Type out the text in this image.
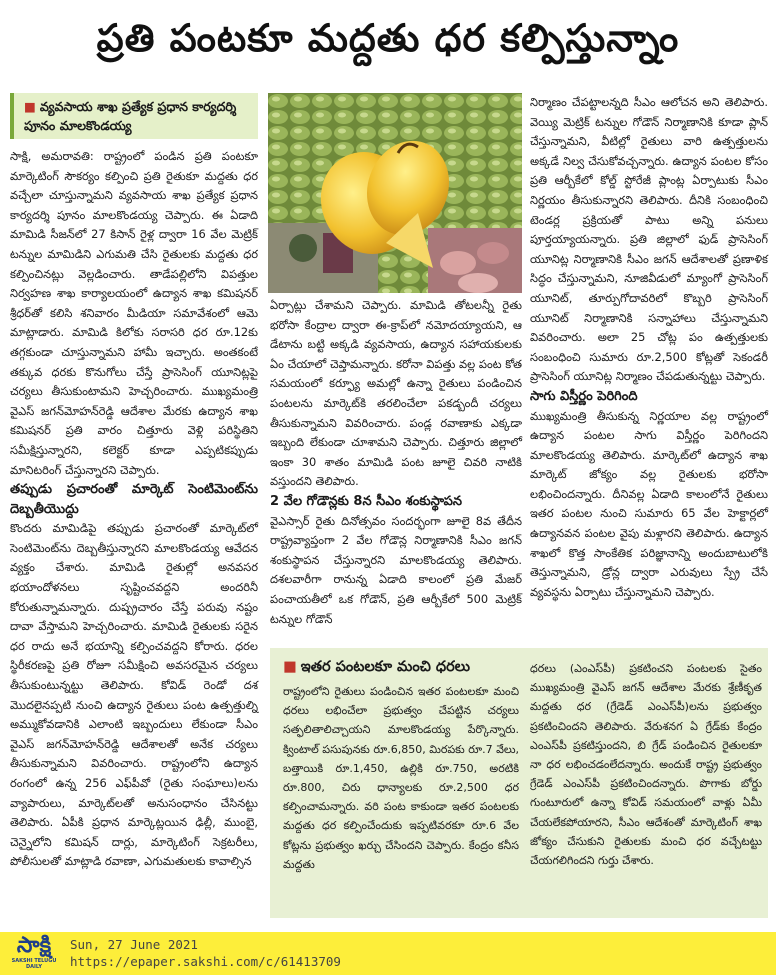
ప్రతి పంటకూ మద్దతు ధర కల్పిస్తున్నాం
■ వ్యవసాయ శాఖ ప్రత్యేక ప్రధాన కార్యదర్శి పూనం మాలకొండయ్య

సాక్షి, అమరావతి: రాష్ట్రంలో పండిన ప్రతి పంటకూ మార్కెటింగ్ సౌకర్యం కల్పించి ప్రతి రైతుకూ మద్దతు ధర వచ్చేలా చూస్తున్నామని వ్యవసాయ శాఖ ప్రత్యేక ప్రధాన కార్యదర్శి పూనం మాలకొండయ్య చెప్పారు. ఈ ఏడాది మామిడి సీజన్‌లో 27 కిసాన్ రైళ్ల ద్వారా 16 వేల మెట్రిక్ టన్నుల మామిడిని ఎగుమతి చేసి రైతులకు మద్దతు ధర కల్పించినట్లు వెల్లడించారు. తాడేపల్లిలోని విపత్తుల నిర్వహణ శాఖ కార్యాలయంలో ఉద్యాన శాఖ కమిషనర్ శ్రీధర్‌తో కలిసి శనివారం మీడియా సమావేశంలో ఆమె మాట్లాడారు. మామిడి కిలోకు సరాసరి ధర రూ.12కు తగ్గకుండా చూస్తున్నామని హామీ ఇచ్చారు. అంతకంటే తక్కువ ధరకు కొనుగోలు చేస్తే ప్రాసెసింగ్ యూనిట్లపై చర్యలు తీసుకుంటామని హెచ్చరించారు. ముఖ్యమంత్రి వైఎస్ జగన్‌మోహన్‌రెడ్డి ఆదేశాల మేరకు ఉద్యాన శాఖ కమిషనర్ ప్రతి వారం చిత్తూరు వెళ్లి పరిస్థితిని సమీక్షిస్తున్నారని, కలెక్టర్ కూడా ఎప్పటికప్పుడు మానిటరింగ్ చేస్తున్నారని చెప్పారు.

తప్పుడు ప్రచారంతో మార్కెట్ సెంటిమెంట్‌ను దెబ్బతీయొద్దు

కొందరు మామిడిపై తప్పుడు ప్రచారంతో మార్కెట్‌లో సెంటిమెంట్‌ను దెబ్బతీస్తున్నారని మాలకొండయ్య ఆవేదన వ్యక్తం చేశారు. మామిడి రైతుల్లో అనవసర భయాందోళనలు సృష్టించవద్దని అందరినీ కోరుతున్నామన్నారు. దుష్ప్రచారం చేస్తే పరువు నష్టం దావా వేస్తామని హెచ్చరించారు. మామిడి రైతులకు సరైన ధర రాదు అనే భయాన్ని కల్పించవద్దని కోరారు. ధరల స్థిరీకరణపై ప్రతి రోజూ సమీక్షించి అవసరమైన చర్యలు తీసుకుంటున్నట్టు తెలిపారు. కోవిడ్ రెండో దశ మొదలైనప్పటి నుంచి ఉద్యాన రైతులు పంట ఉత్పత్తుల్ని అమ్ముకోవడానికి ఎలాంటి ఇబ్బందులు లేకుండా సీఎం వైఎస్ జగన్‌మోహన్‌రెడ్డి ఆదేశాలతో అనేక చర్యలు తీసుకున్నామని వివరించారు. రాష్ట్రంలోని ఉద్యాన రంగంలో ఉన్న 256 ఎఫ్‌పీవో (రైతు సంఘాలు)లను వ్యాపారులు, మార్కెట్‌లతో అనుసంధానం చేసినట్టు తెలిపారు. ఏపీకి ప్రధాన మార్కెట్లయిన ఢిల్లీ, ముంబై, చెన్నైలోని కమిషన్ దార్లు, మార్కెటింగ్ సెక్రటరీలు, పోలీసులతో మాట్లాడి రవాణా, ఎగుమతులకు కావాల్సిన

ఏర్పాట్లు చేశామని చెప్పారు. మామిడి తోటలన్నీ రైతు భరోసా కేంద్రాల ద్వారా ఈ-క్రాప్‌లో నమోదయ్యాయని, ఆ డేటాను బట్టి అక్కడి వ్యవసాయ, ఉద్యాన సహాయకులకు ఏం చేయాలో చెప్తామన్నారు. కరోనా విపత్తు వల్ల పంట కోత సమయంలో కర్ఫ్యూ అమల్లో ఉన్నా రైతులు పండించిన పంటలను మార్కెట్‌కి తరలించేలా పకడ్బందీ చర్యలు తీసుకున్నామని వివరించారు. పండ్ల రవాణాకు ఎక్కడా ఇబ్బంది లేకుండా చూశామని చెప్పారు. చిత్తూరు జిల్లాలో ఇంకా 30 శాతం మామిడి పంట జూలై చివరి నాటికి వస్తుందని తెలిపారు.

2 వేల గోడౌన్లకు 8న సీఎం శంకుస్థాపన

వైఎస్సార్ రైతు దినోత్సవం సందర్భంగా జూలై 8వ తేదీన రాష్ట్రవ్యాప్తంగా 2 వేల గోడౌన్ల నిర్మాణానికి సీఎం జగన్ శంకుస్థాపన చేస్తున్నారని మాలకొండయ్య తెలిపారు. దశలవారీగా రానున్న ఏడాది కాలంలో ప్రతి మేజర్ పంచాయతీలో ఒక గోడౌన్, ప్రతి ఆర్బీకేలో 500 మెట్రిక్ టన్నుల గోడౌన్

నిర్మాణం చేపట్టాలన్నది సీఎం ఆలోచన అని తెలిపారు. వెయ్యి మెట్రిక్ టన్నుల గోడౌన్ నిర్మాణానికి కూడా ప్లాన్ చేస్తున్నామని, వీటిల్లో రైతులు వారి ఉత్పత్తులను అక్కడే నిల్వ చేసుకోవచ్చన్నారు. ఉద్యాన పంటల కోసం ప్రతి ఆర్బీకేలో కోల్డ్ స్టోరేజీ ప్లాంట్ల ఏర్పాటుకు సీఎం నిర్ణయం తీసుకున్నారని తెలిపారు. దీనికి సంబంధించి టెండర్ల ప్రక్రియతో పాటు అన్ని పనులు పూర్తయ్యాయన్నారు. ప్రతి జిల్లాలో ఫుడ్ ప్రాసెసింగ్ యూనిట్ల నిర్మాణానికి సీఎం జగన్ ఆదేశాలతో ప్రణాళిక సిద్ధం చేస్తున్నామని, నూజివీడులో మ్యాంగో ప్రాసెసింగ్ యూనిట్, తూర్పుగోదావరిలో కొబ్బరి ప్రాసెసింగ్ యూనిట్ నిర్మాణానికి సన్నాహాలు చేస్తున్నామని వివరించారు. అలా 25 చోట్ల పం ఉత్పత్తులకు సంబంధించి సుమారు రూ.2,500 కోట్లతో సెకండరీ ప్రాసెసింగ్ యూనిట్ల నిర్మాణం చేపడుతున్నట్టు చెప్పారు.

సాగు విస్తీర్ణం పెరిగింది

ముఖ్యమంత్రి తీసుకున్న నిర్ణయాల వల్ల రాష్ట్రంలో ఉద్యాన పంటల సాగు విస్తీర్ణం పెరిగిందని మాలకొండయ్య తెలిపారు. మార్కెట్‌లో ఉద్యాన శాఖ మార్కెట్ జోక్యం వల్ల రైతులకు భరోసా లభించిందన్నారు. దీనివల్ల ఏడాది కాలంలోనే రైతులు ఇతర పంటల నుంచి సుమారు 65 వేల హెక్టార్లలో ఉద్యానవన పంటల వైపు మళ్లారని తెలిపారు. ఉద్యాన శాఖలో కొత్త సాంకేతిక పరిజ్ఞానాన్ని అందుబాటులోకి తెస్తున్నామని, డ్రోన్ల ద్వారా ఎరువులు స్ప్రే చేసే వ్యవస్థను ఏర్పాటు చేస్తున్నామని చెప్పారు.

■ ఇతర పంటలకూ మంచి ధరలు
రాష్ట్రంలోని రైతులు పండించిన ఇతర పంటలకూ మంచి ధరలు లభించేలా ప్రభుత్వం చేపట్టిన చర్యలు సత్ఫలితాలిచ్చాయని మాలకొండయ్య పేర్కొన్నారు. క్వింటాల్ పసుపునకు రూ.6,850, మిరపకు రూ.7 వేలు, బత్తాయికి రూ.1,450, ఉల్లికి రూ.750, అరటికి రూ.800, చిరు ధాన్యాలకు రూ.2,500 ధర కల్పించామన్నారు. వరి పంట కాకుండా ఇతర పంటలకు మద్దతు ధర కల్పించేందుకు ఇప్పటివరకూ రూ.6 వేల కోట్లను ప్రభుత్వం ఖర్చు చేసిందని చెప్పారు. కేంద్రం కనీస మద్దతు
ధరలు (ఎంఎస్‌పీ) ప్రకటించని పంటలకు సైతం ముఖ్యమంత్రి వైఎస్ జగన్ ఆదేశాల మేరకు శ్రేణీకృత మద్దతు ధర (గ్రేడెడ్ ఎంఎస్‌పీ)లను ప్రభుత్వం ప్రకటించిందని తెలిపారు. వేరుశనగ ఏ గ్రేడ్‌కు కేంద్రం ఎంఎస్‌పీ ప్రకటిస్తుందని, బి గ్రేడ్ పండించిన రైతులకూ నా ధర లభించడంలేదన్నారు. అందుకే రాష్ట్ర ప్రభుత్వం గ్రేడెడ్ ఎంఎస్‌పీ ప్రకటించిందన్నారు. పొగాకు బోర్డు గుంటూరులో ఉన్నా కోవిడ్ సమయంలో వాళ్లు ఏమీ చేయలేకపోయారని, సీఎం ఆదేశంతో మార్కెటింగ్ శాఖ జోక్యం చేసుకుని రైతులకు మంచి ధర వచ్చేటట్టు చేయగలిగిందని గుర్తు చేశారు.
సాక్షి
SAKSHI TELUGU DAILY
Sun, 27 June 2021
https://epaper.sakshi.com/c/61413709
